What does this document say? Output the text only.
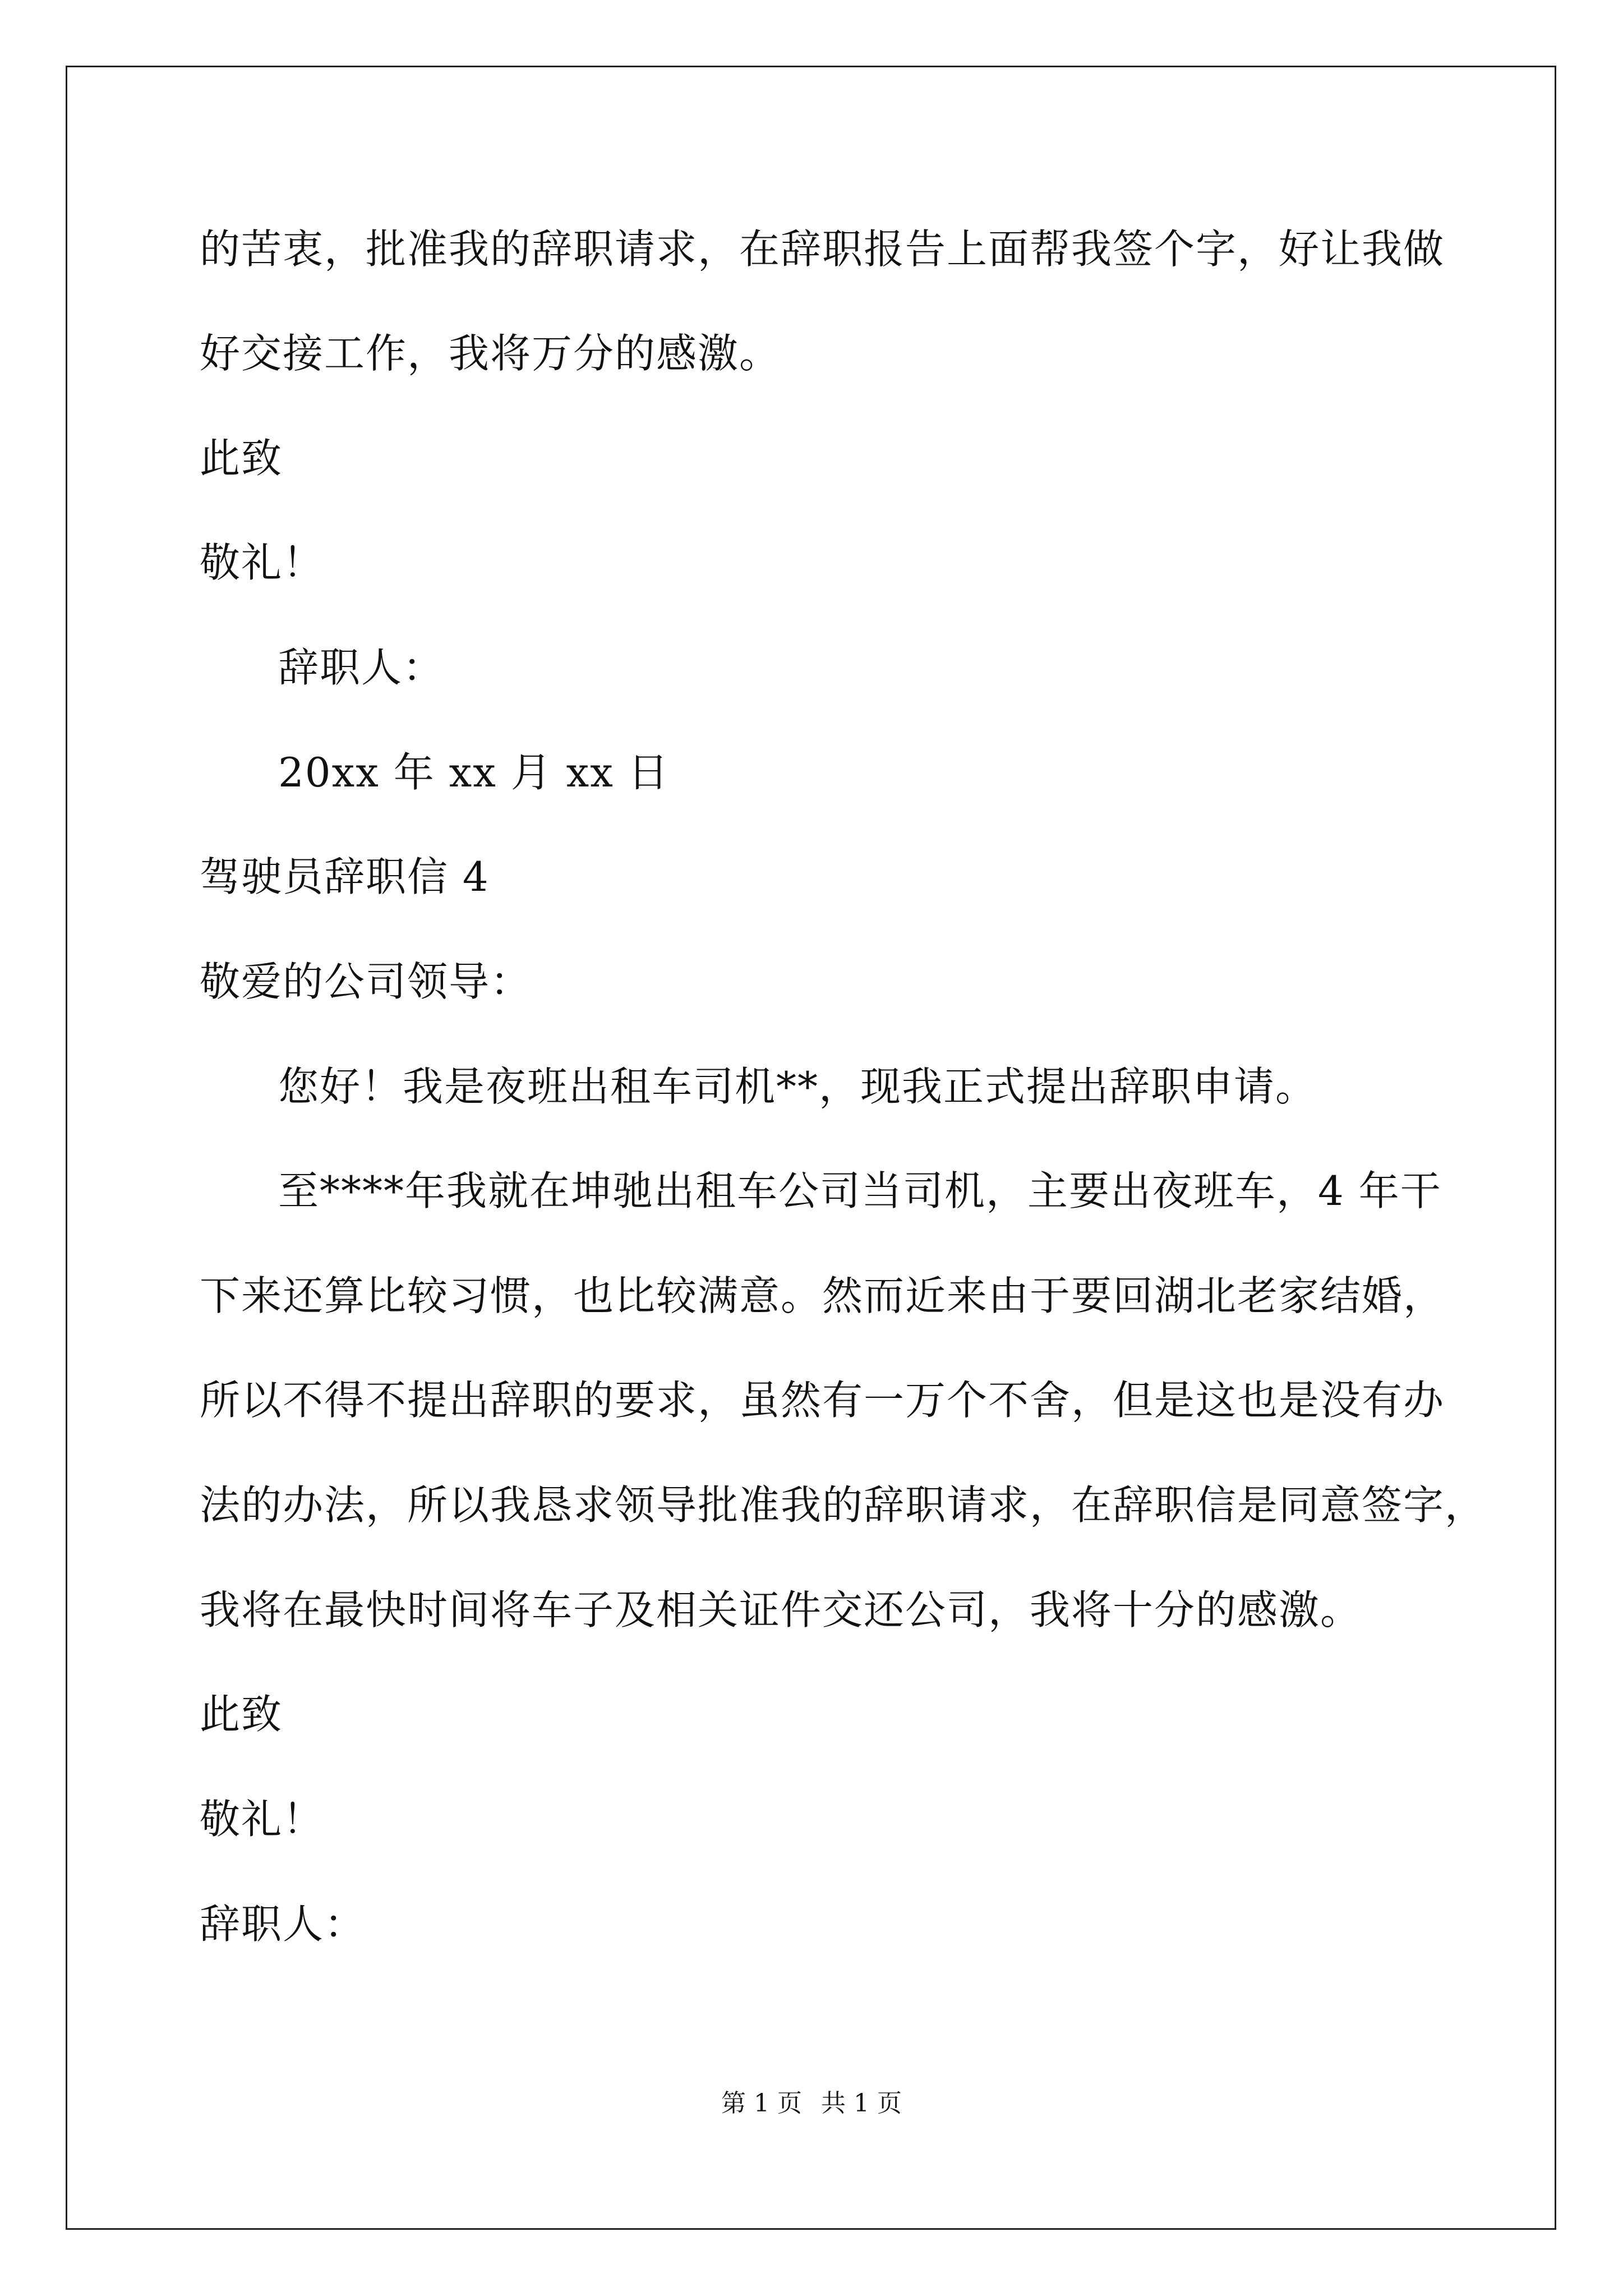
的苦衷，批准我的辞职请求，在辞职报告上面帮我签个字，好让我做
好交接工作，我将万分的感激。
此致
敬礼！
辞职人：
20xx 年 xx 月 xx 日
驾驶员辞职信 4
敬爱的公司领导：
您好！我是夜班出租车司机**，现我正式提出辞职申请。
至****年我就在坤驰出租车公司当司机，主要出夜班车，4 年干
下来还算比较习惯，也比较满意。然而近来由于要回湖北老家结婚，
所以不得不提出辞职的要求，虽然有一万个不舍，但是这也是没有办
法的办法，所以我恳求领导批准我的辞职请求，在辞职信是同意签字，
我将在最快时间将车子及相关证件交还公司，我将十分的感激。
此致
敬礼！
辞职人：
第 1 页 共 1 页
